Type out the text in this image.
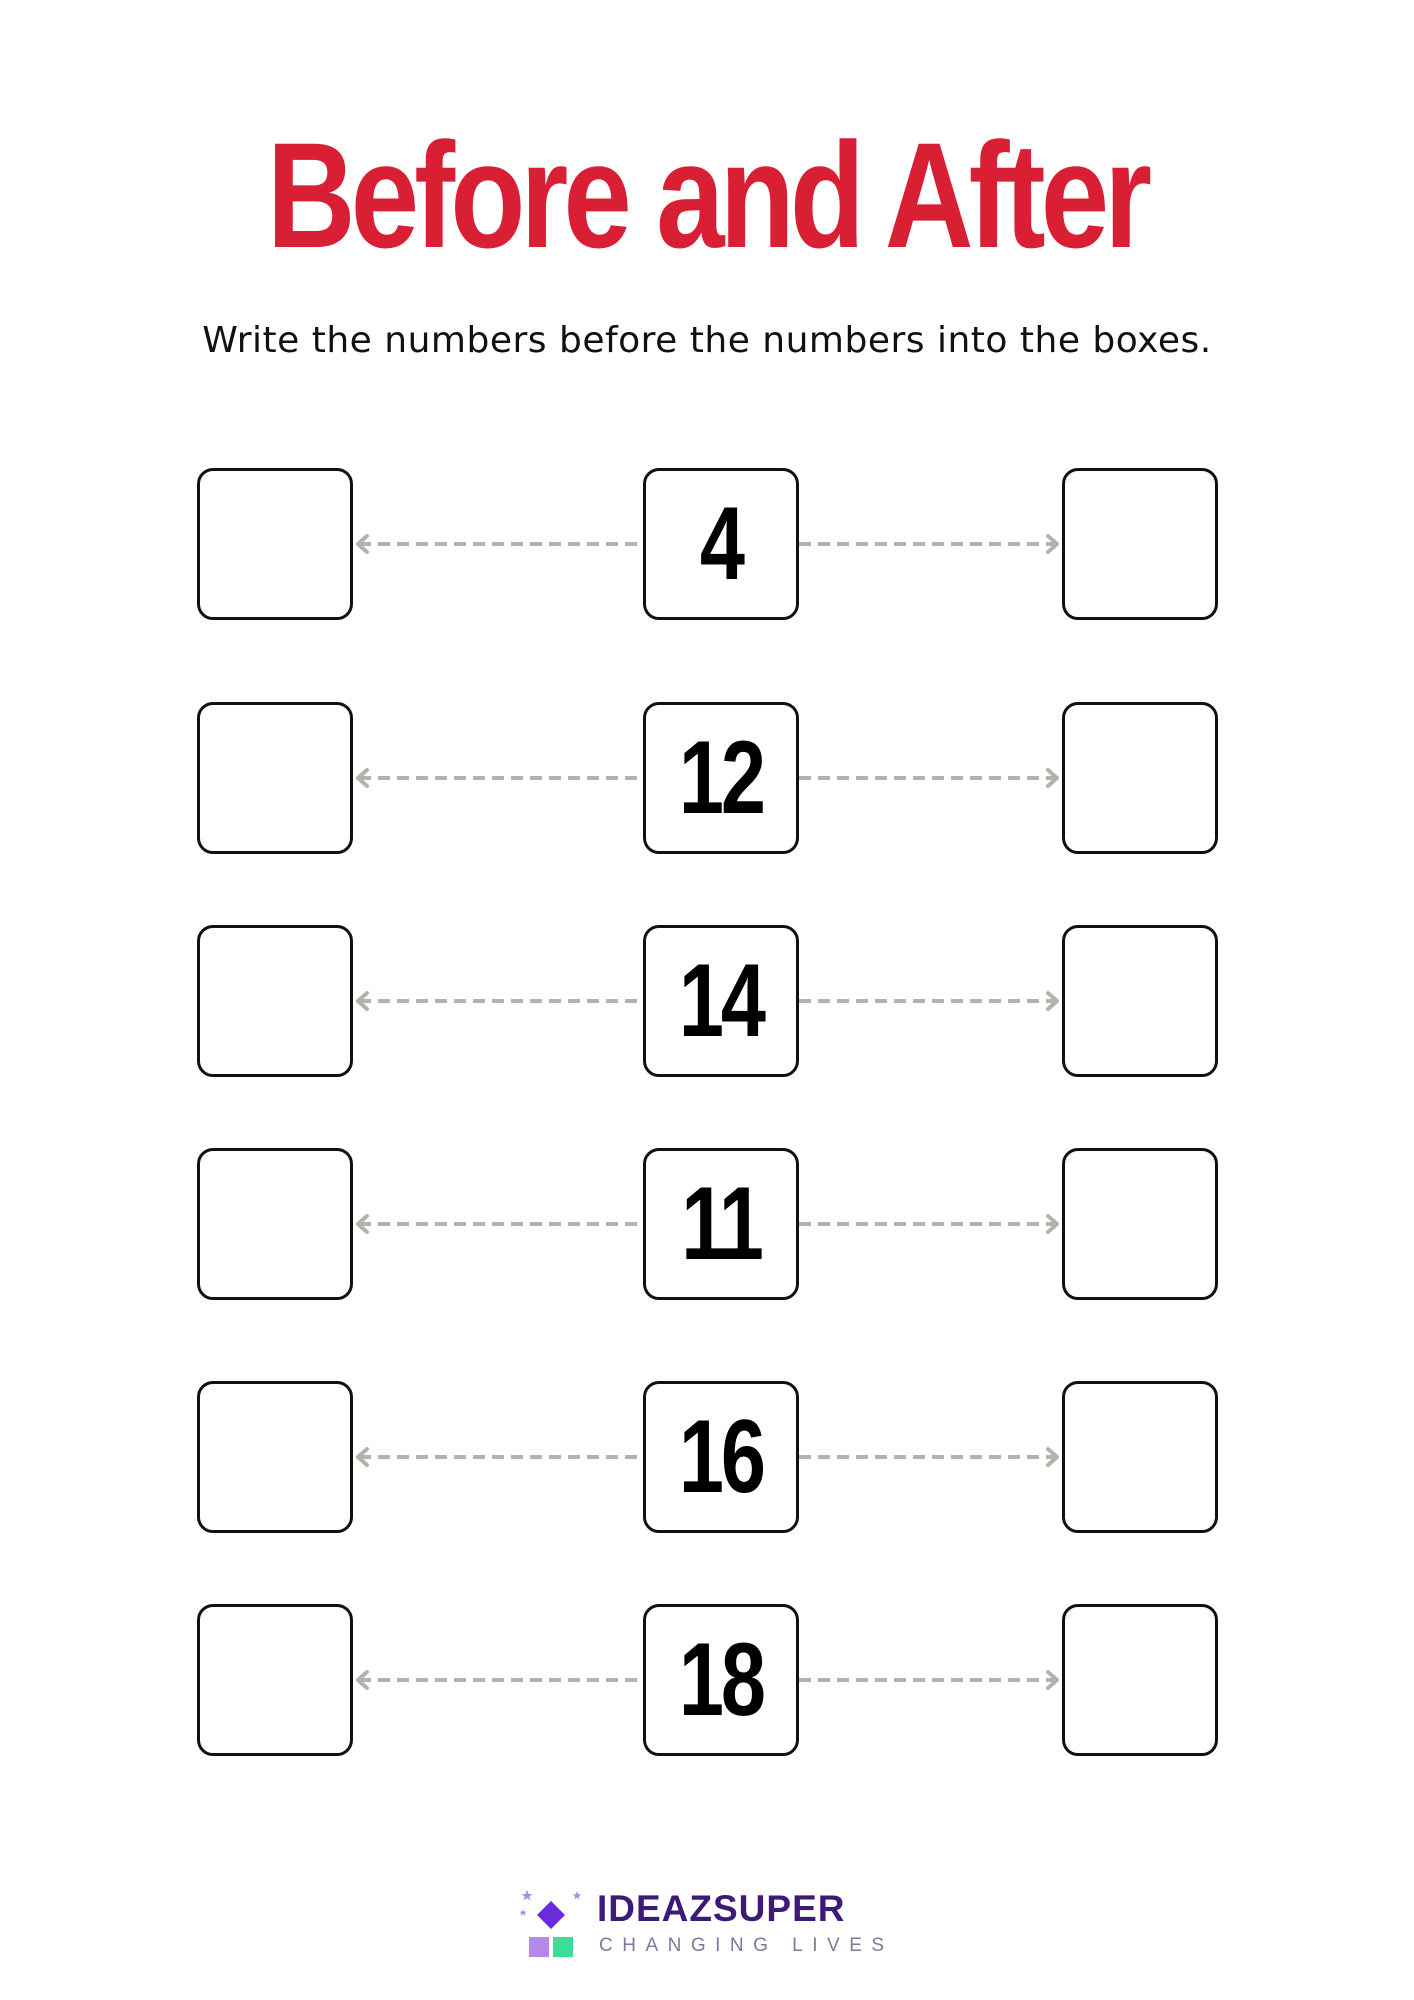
Before and After
Write the numbers before the numbers into the boxes.
4
12
14
11
16
18
IDEAZSUPER
CHANGING LIVES
